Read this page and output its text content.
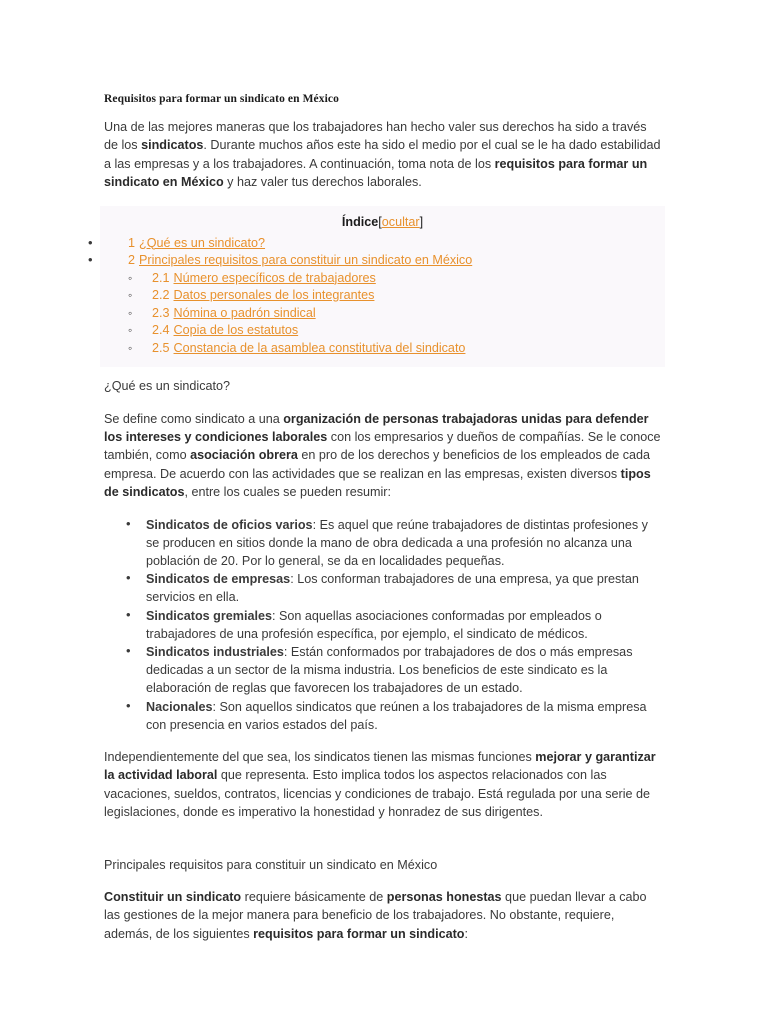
Requisitos para formar un sindicato en México

Una de las mejores maneras que los trabajadores han hecho valer sus derechos ha sido a través de los sindicatos. Durante muchos años este ha sido el medio por el cual se le ha dado estabilidad a las empresas y a los trabajadores. A continuación, toma nota de los requisitos para formar un sindicato en México y haz valer tus derechos laborales.

Índice[ocultar]
• 1 ¿Qué es un sindicato?
• 2 Principales requisitos para constituir un sindicato en México
◦ 2.1 Número específicos de trabajadores
◦ 2.2 Datos personales de los integrantes
◦ 2.3 Nómina o padrón sindical
◦ 2.4 Copia de los estatutos
◦ 2.5 Constancia de la asamblea constitutiva del sindicato
¿Qué es un sindicato?

Se define como sindicato a una organización de personas trabajadoras unidas para defender los intereses y condiciones laborales con los empresarios y dueños de compañías. Se le conoce también, como asociación obrera en pro de los derechos y beneficios de los empleados de cada empresa. De acuerdo con las actividades que se realizan en las empresas, existen diversos tipos de sindicatos, entre los cuales se pueden resumir:

• Sindicatos de oficios varios: Es aquel que reúne trabajadores de distintas profesiones y se producen en sitios donde la mano de obra dedicada a una profesión no alcanza una población de 20. Por lo general, se da en localidades pequeñas.
• Sindicatos de empresas: Los conforman trabajadores de una empresa, ya que prestan servicios en ella.
• Sindicatos gremiales: Son aquellas asociaciones conformadas por empleados o trabajadores de una profesión específica, por ejemplo, el sindicato de médicos.
• Sindicatos industriales: Están conformados por trabajadores de dos o más empresas dedicadas a un sector de la misma industria. Los beneficios de este sindicato es la elaboración de reglas que favorecen los trabajadores de un estado.
• Nacionales: Son aquellos sindicatos que reúnen a los trabajadores de la misma empresa con presencia en varios estados del país.

Independientemente del que sea, los sindicatos tienen las mismas funciones mejorar y garantizar la actividad laboral que representa. Esto implica todos los aspectos relacionados con las vacaciones, sueldos, contratos, licencias y condiciones de trabajo. Está regulada por una serie de legislaciones, donde es imperativo la honestidad y honradez de sus dirigentes.

Principales requisitos para constituir un sindicato en México

Constituir un sindicato requiere básicamente de personas honestas que puedan llevar a cabo las gestiones de la mejor manera para beneficio de los trabajadores. No obstante, requiere, además, de los siguientes requisitos para formar un sindicato:
